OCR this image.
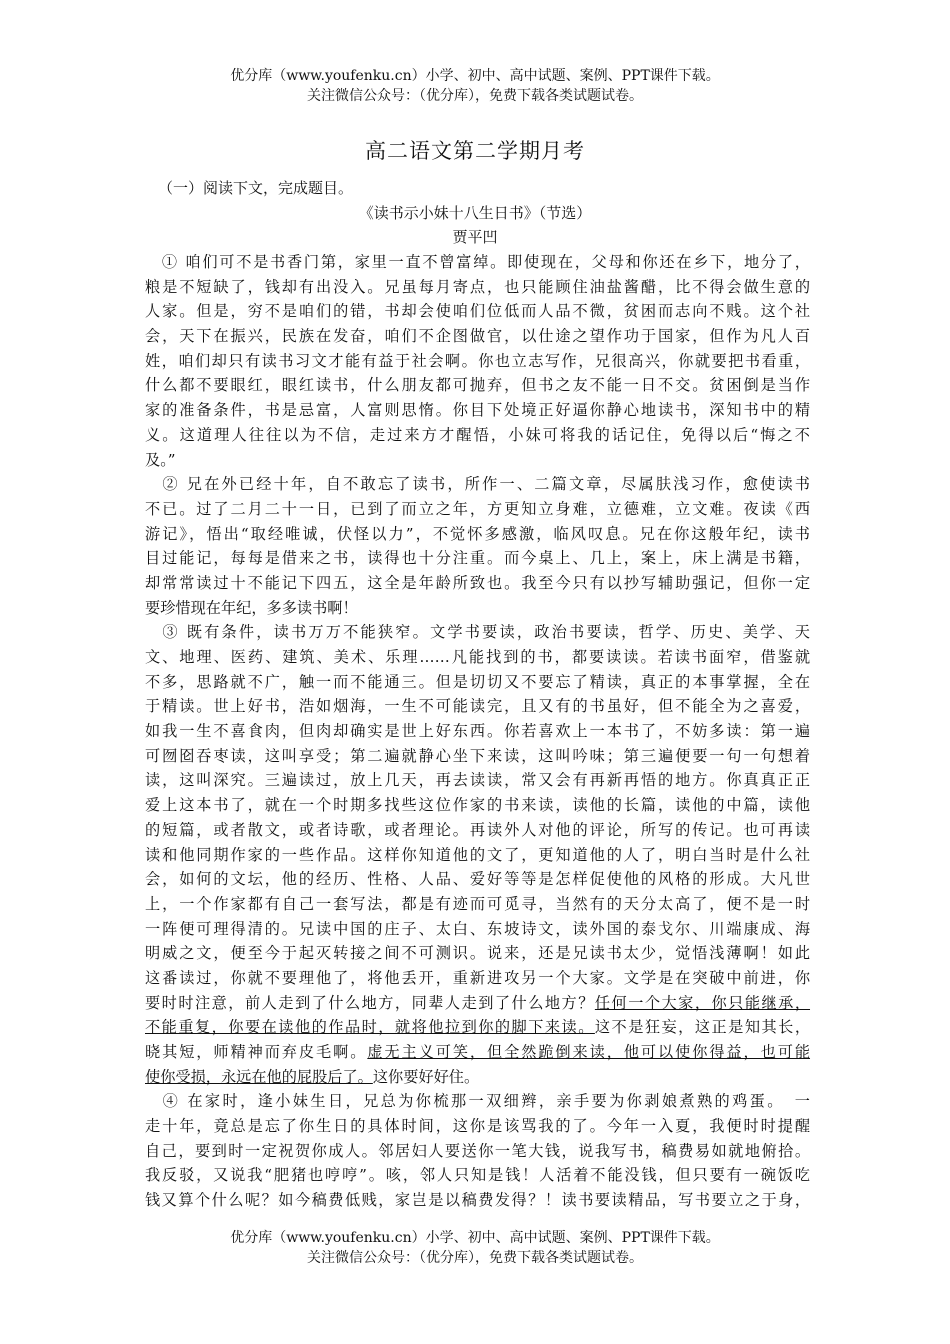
优分库（www.youfenku.cn）小学、初中、高中试题、案例、PPT课件下载。
关注微信公众号：（优分库），免费下载各类试题试卷。
高二语文第二学期月考
（一）阅读下文，完成题目。
《读书示小妹十八生日书》（节选）
贾平凹
　① 咱们可不是书香门第，家里一直不曾富绰。即使现在，父母和你还在乡下，地分了，
粮是不短缺了，钱却有出没入。兄虽每月寄点，也只能顾住油盐酱醋，比不得会做生意的
人家。但是，穷不是咱们的错，书却会使咱们位低而人品不微，贫困而志向不贱。这个社
会，天下在振兴，民族在发奋，咱们不企图做官，以仕途之望作功于国家，但作为凡人百
姓，咱们却只有读书习文才能有益于社会啊。你也立志写作，兄很高兴，你就要把书看重，
什么都不要眼红，眼红读书，什么朋友都可抛弃，但书之友不能一日不交。贫困倒是当作
家的准备条件，书是忌富，人富则思惰。你目下处境正好逼你静心地读书，深知书中的精
义。这道理人往往以为不信，走过来方才醒悟，小妹可将我的话记住，免得以后“悔之不
及。”
　② 兄在外已经十年，自不敢忘了读书，所作一、二篇文章，尽属肤浅习作，愈使读书
不已。过了二月二十一日，已到了而立之年，方更知立身难，立德难，立文难。夜读《西
游记》，悟出“取经唯诚，伏怪以力”，不觉怀多感激，临风叹息。兄在你这般年纪，读书
目过能记，每每是借来之书，读得也十分注重。而今桌上、几上，案上，床上满是书籍，
却常常读过十不能记下四五，这全是年龄所致也。我至今只有以抄写辅助强记，但你一定
要珍惜现在年纪，多多读书啊！
　③ 既有条件，读书万万不能狭窄。文学书要读，政治书要读，哲学、历史、美学、天
文、地理、医药、建筑、美术、乐理……凡能找到的书，都要读读。若读书面窄，借鉴就
不多，思路就不广，触一而不能通三。但是切切又不要忘了精读，真正的本事掌握，全在
于精读。世上好书，浩如烟海，一生不可能读完，且又有的书虽好，但不能全为之喜爱，
如我一生不喜食肉，但肉却确实是世上好东西。你若喜欢上一本书了，不妨多读：第一遍
可囫囵吞枣读，这叫享受；第二遍就静心坐下来读，这叫吟味；第三遍便要一句一句想着
读，这叫深究。三遍读过，放上几天，再去读读，常又会有再新再悟的地方。你真真正正
爱上这本书了，就在一个时期多找些这位作家的书来读，读他的长篇，读他的中篇，读他
的短篇，或者散文，或者诗歌，或者理论。再读外人对他的评论，所写的传记。也可再读
读和他同期作家的一些作品。这样你知道他的文了，更知道他的人了，明白当时是什么社
会，如何的文坛，他的经历、性格、人品、爱好等等是怎样促使他的风格的形成。大凡世
上，一个作家都有自己一套写法，都是有迹而可觅寻，当然有的天分太高了，便不是一时
一阵便可理得清的。兄读中国的庄子、太白、东坡诗文，读外国的泰戈尔、川端康成、海
明威之文，便至今于起灭转接之间不可测识。说来，还是兄读书太少，觉悟浅薄啊！如此
这番读过，你就不要理他了，将他丢开，重新进攻另一个大家。文学是在突破中前进，你
要时时注意，前人走到了什么地方，同辈人走到了什么地方？任何一个大家，你只能继承，
不能重复，你要在读他的作品时，就将他拉到你的脚下来读。这不是狂妄，这正是知其长，
晓其短，师精神而弃皮毛啊。虚无主义可笑，但全然跪倒来读，他可以使你得益，也可能
使你受损，永远在他的屁股后了。这你要好好住。
　④ 在家时，逢小妹生日，兄总为你梳那一双细辫，亲手要为你剥娘煮熟的鸡蛋。　一
走十年，竟总是忘了你生日的具体时间，这你是该骂我的了。今年一入夏，我便时时提醒
自己，要到时一定祝贺你成人。邻居妇人要送你一笔大钱，说我写书，稿费易如就地俯拾。
我反驳，又说我“肥猪也哼哼”。咳，邻人只知是钱！人活着不能没钱，但只要有一碗饭吃
钱又算个什么呢？如今稿费低贱，家岂是以稿费发得？！读书要读精品，写书要立之于身，
优分库（www.youfenku.cn）小学、初中、高中试题、案例、PPT课件下载。
关注微信公众号：（优分库），免费下载各类试题试卷。
